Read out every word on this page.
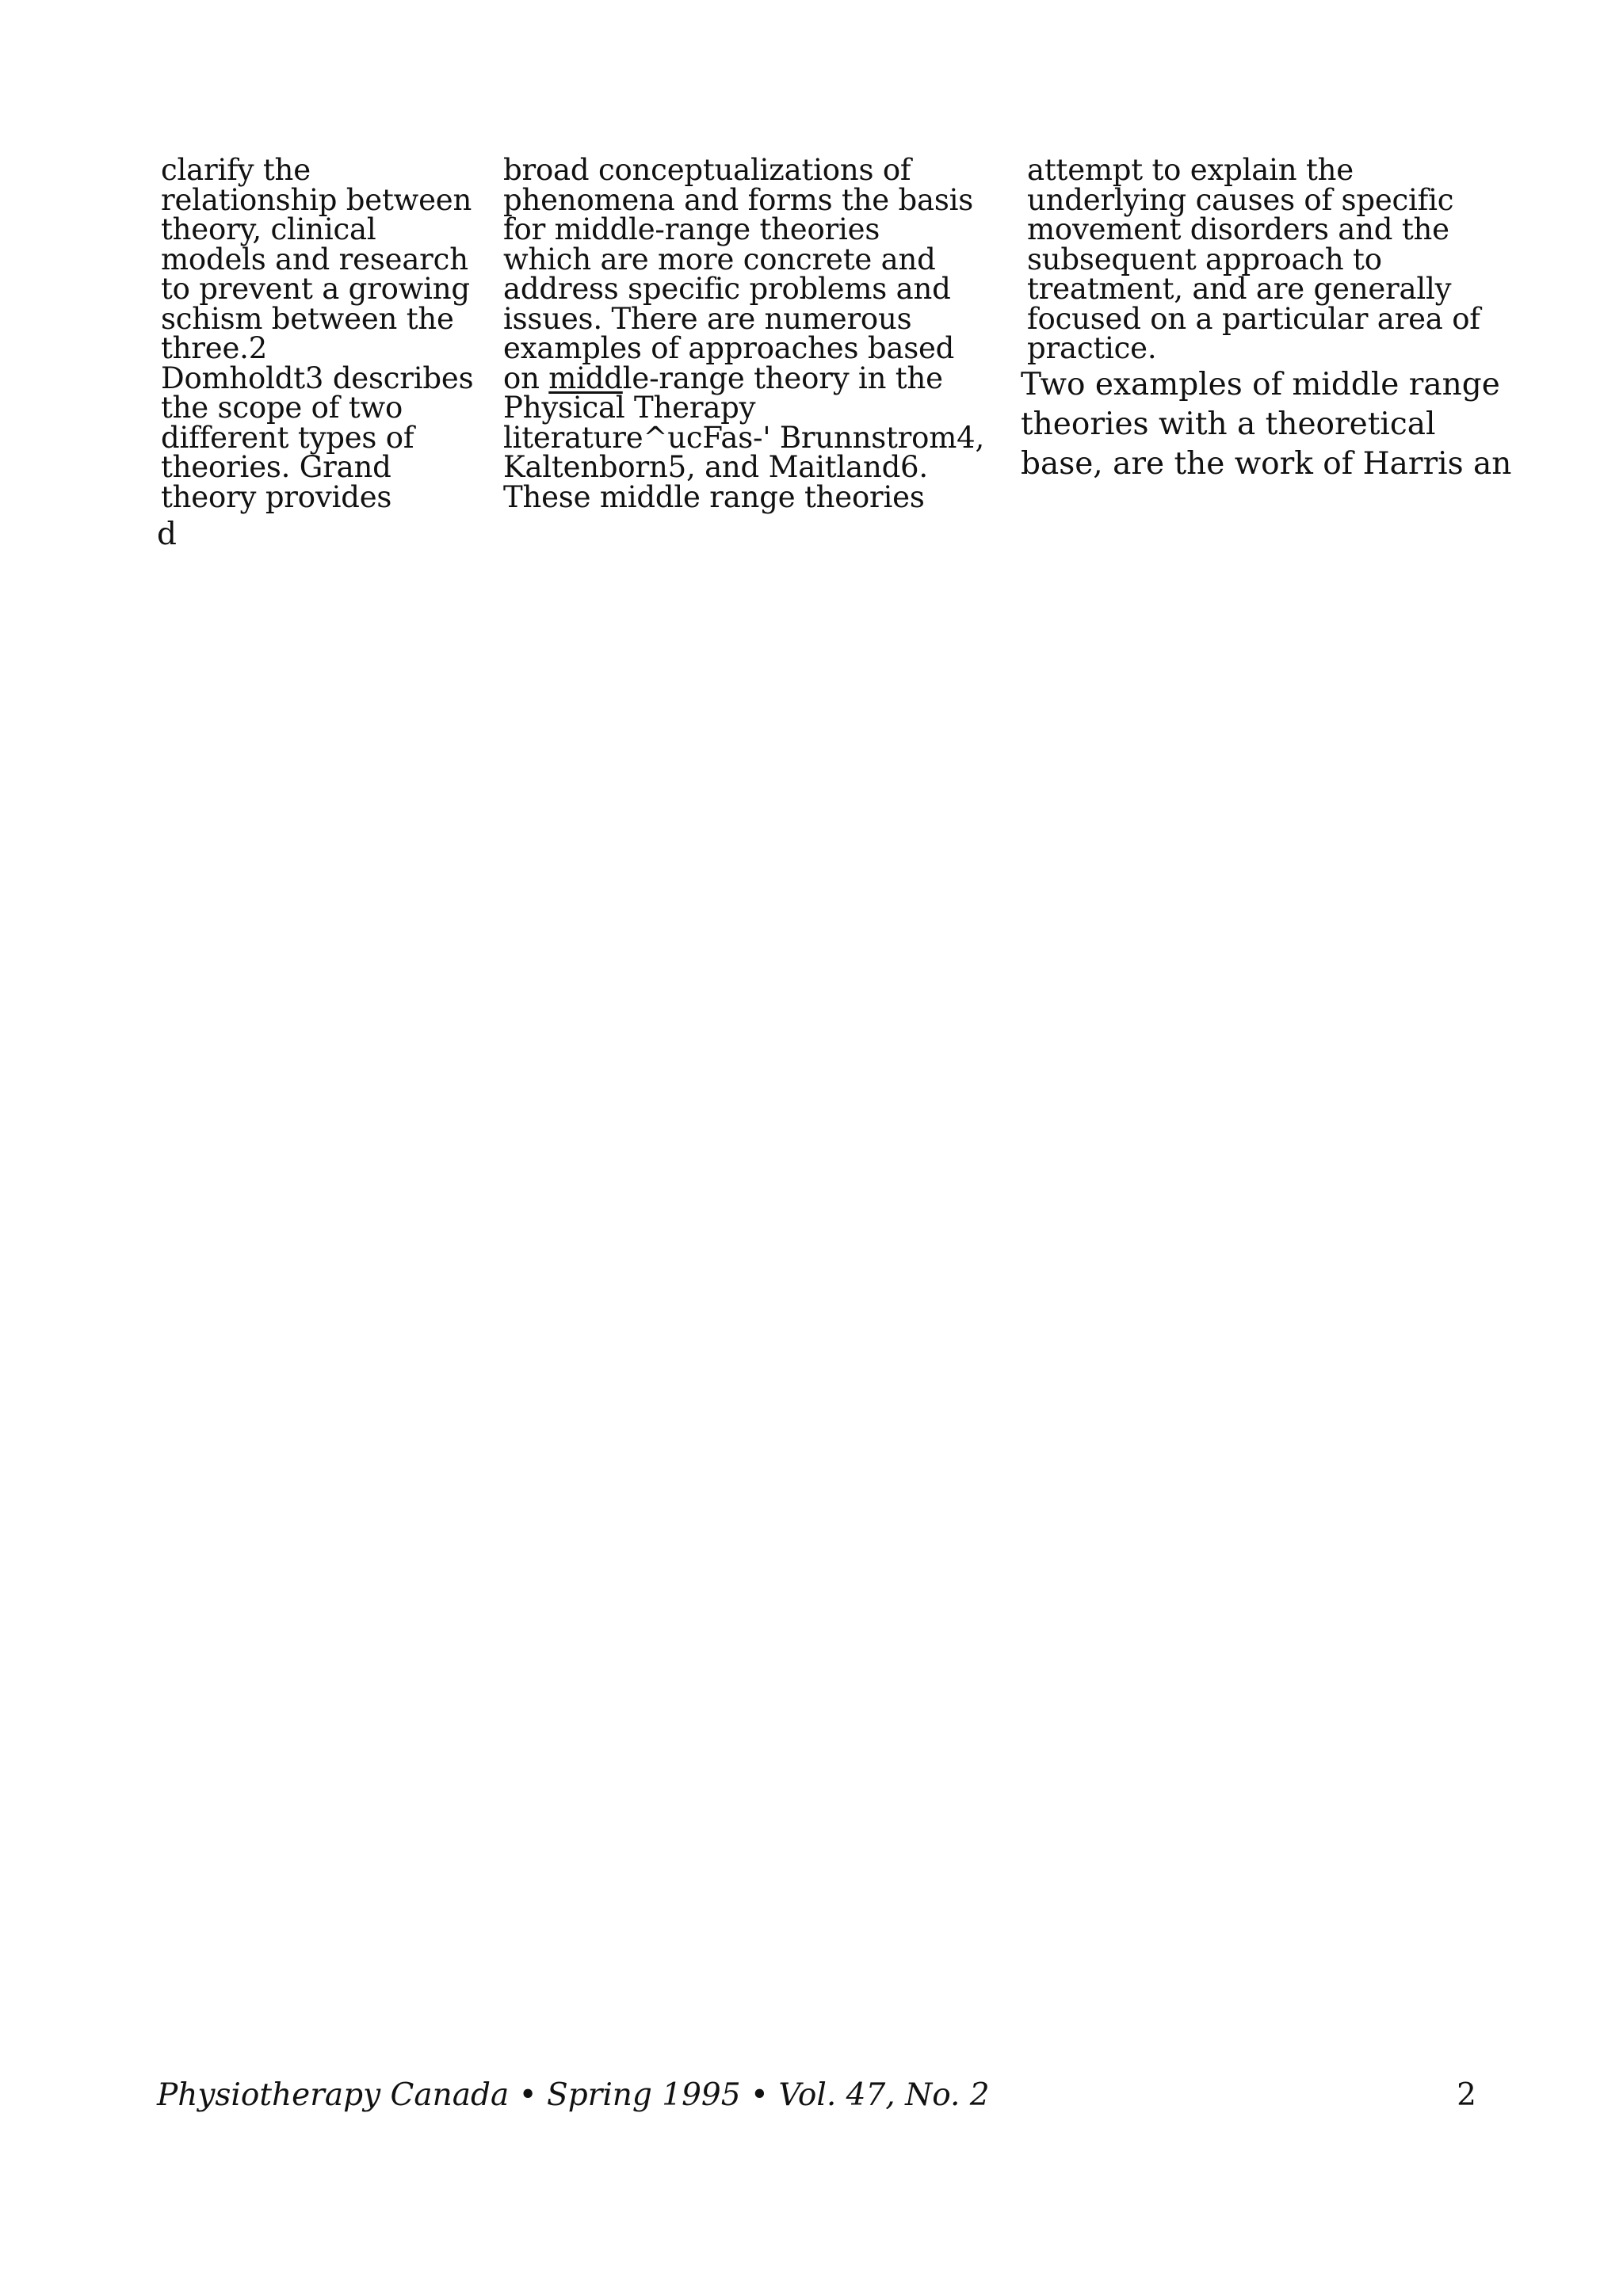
clarify the
relationship between
theory, clinical
models and research
to prevent a growing
schism between the
three.2
Domholdt3 describes
the scope of two
different types of
theories. Grand
theory provides
d
broad conceptualizations of
phenomena and forms the basis
for middle-range theories
which are more concrete and
address specific problems and
issues. There are numerous
examples of approaches based
on middle-range theory in the
Physical Therapy
literature^ucFas-' Brunnstrom4,
Kaltenborn5, and Maitland6.
These middle range theories
attempt to explain the
underlying causes of specific
movement disorders and the
subsequent approach to
treatment, and are generally
focused on a particular area of
practice.
Two examples of middle range
theories with a theoretical
base, are the work of Harris an
Physiotherapy Canada • Spring 1995 • Vol. 47, No. 2	2
